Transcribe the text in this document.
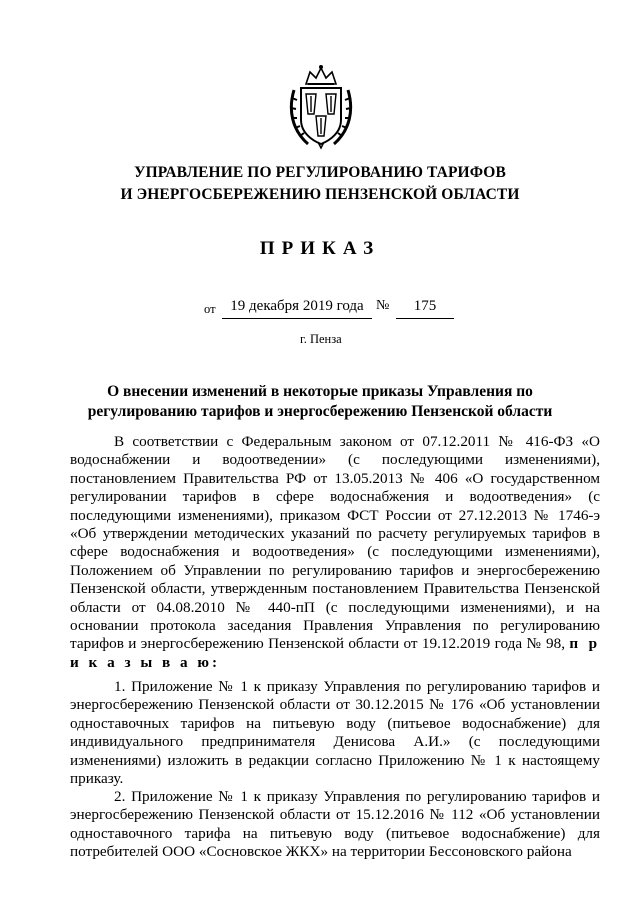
УПРАВЛЕНИЕ ПО РЕГУЛИРОВАНИЮ ТАРИФОВ
И ЭНЕРГОСБЕРЕЖЕНИЮ ПЕНЗЕНСКОЙ ОБЛАСТИ
ПРИКАЗ
от 19 декабря 2019 года №	175
г. Пенза
О внесении изменений в некоторые приказы Управления по регулированию тарифов и энергосбережению Пензенской области

В соответствии с Федеральным законом от 07.12.2011 № 416-ФЗ «О водоснабжении и водоотведении» (с последующими изменениями), постановлением Правительства РФ от 13.05.2013 № 406 «О государственном регулировании тарифов в сфере водоснабжения и водоотведения» (с последующими изменениями), приказом ФСТ России от 27.12.2013 № 1746-э «Об утверждении методических указаний по расчету регулируемых тарифов в сфере водоснабжения и водоотведения» (с последующими изменениями), Положением об Управлении по регулированию тарифов и энергосбережению Пензенской области, утвержденным постановлением Правительства Пензенской области от 04.08.2010 № 440-пП (с последующими изменениями), и на основании протокола заседания Правления Управления по регулированию тарифов и энергосбережению Пензенской области от 19.12.2019 года № 98, п р и к а з ы в а ю:

1. Приложение № 1 к приказу Управления по регулированию тарифов и энергосбережению Пензенской области от 30.12.2015 № 176 «Об установлении одноставочных тарифов на питьевую воду (питьевое водоснабжение) для индивидуального предпринимателя Денисова А.И.» (с последующими изменениями) изложить в редакции согласно Приложению № 1 к настоящему приказу.

2. Приложение № 1 к приказу Управления по регулированию тарифов и энергосбережению Пензенской области от 15.12.2016 № 112 «Об установлении одноставочного тарифа на питьевую воду (питьевое водоснабжение) для потребителей ООО «Сосновское ЖКХ» на территории Бессоновского района
